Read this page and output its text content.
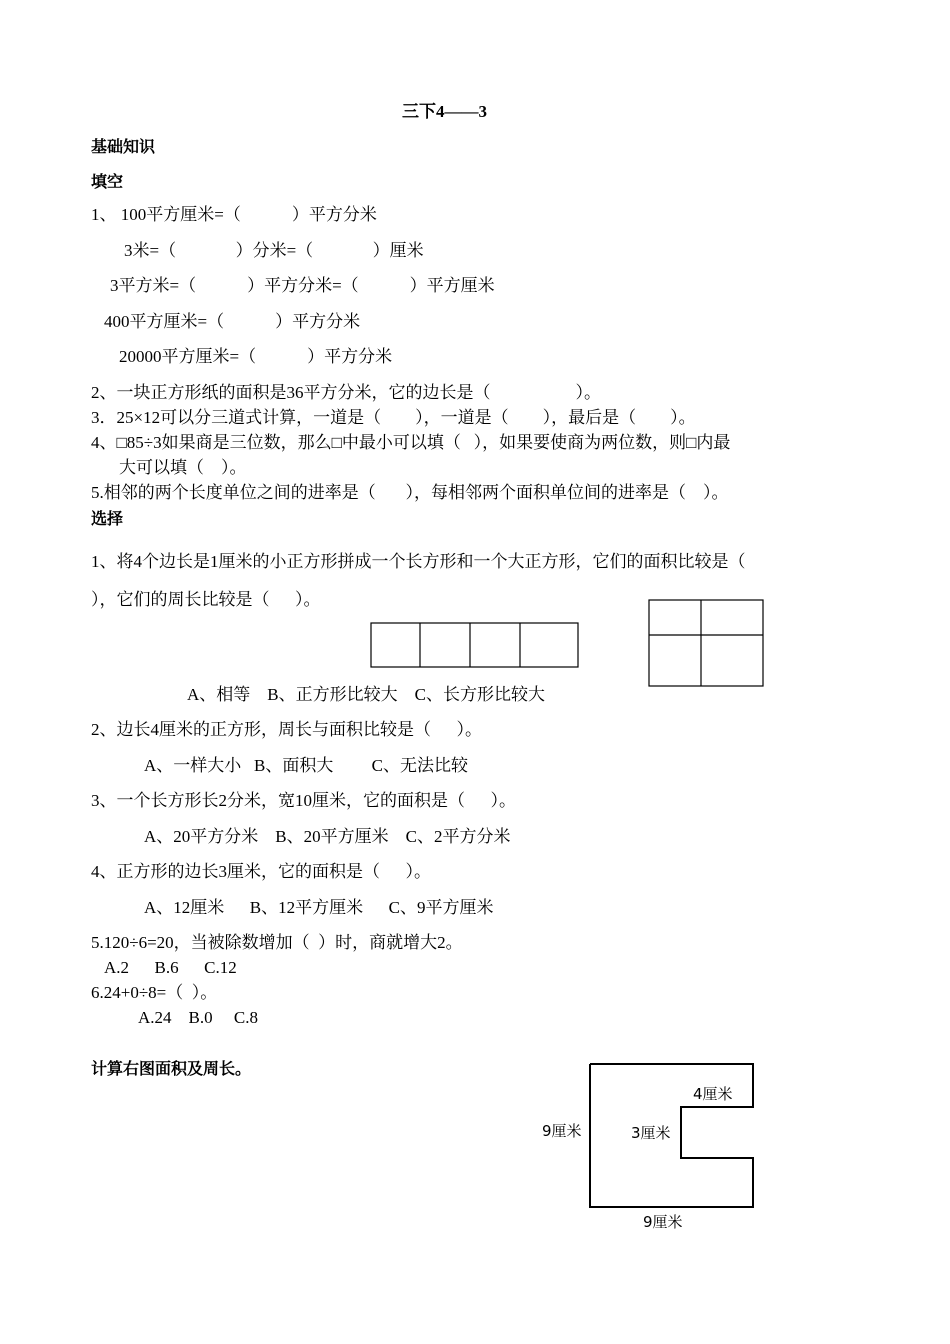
三下4——3
基础知识
填空
1、 100平方厘米=（            ）平方分米
3米=（              ）分米=（              ）厘米
3平方米=（            ）平方分米=（            ）平方厘米
400平方厘米=（            ）平方分米
20000平方厘米=（            ）平方分米
2、一块正方形纸的面积是36平方分米，它的边长是（                    ）。
3．25×12可以分三道式计算，一道是（        ），一道是（        ），最后是（        ）。
4、□85÷3如果商是三位数，那么□中最小可以填（   ），如果要使商为两位数，则□内最
大可以填（    ）。
5.相邻的两个长度单位之间的进率是（       ），每相邻两个面积单位间的进率是（    ）。
选择
1、将4个边长是1厘米的小正方形拼成一个长方形和一个大正方形，它们的面积比较是（
），它们的周长比较是（      ）。
A、相等    B、正方形比较大    C、长方形比较大
2、边长4厘米的正方形，周长与面积比较是（      ）。
A、一样大小   B、面积大         C、无法比较
3、一个长方形长2分米，宽10厘米，它的面积是（      ）。
A、20平方分米    B、20平方厘米    C、2平方分米
4、正方形的边长3厘米，它的面积是（      ）。
A、12厘米      B、12平方厘米      C、9平方厘米
5.120÷6=20，当被除数增加（  ）时，商就增大2。
A.2      B.6      C.12
6.24+0÷8=（  ）。
A.24    B.0     C.8
计算右图面积及周长。
9厘米
4厘米
3厘米
9厘米
